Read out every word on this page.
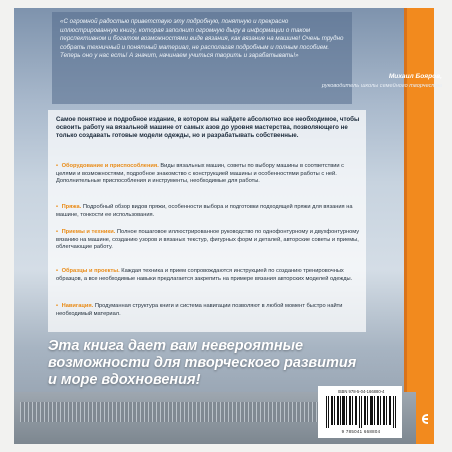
«С огромной радостью приветствую эту подробную, понятную и прекрасно иллюстрированную книгу, которая заполнит огромную дыру в информации о таком перспективном и богатом возможностями виде вязания, как вязание на машине! Очень трудно собрать техничный и понятный материал, не располагая подробным и полным пособием. Теперь оно у нас есть! А значит, начинаем учиться творить и зарабатывать!»
Михаил Бояров,
руководитель школы семейного творчества
Самое понятное и подробное издание, в котором вы найдете абсолютно все необходимое, чтобы освоить работу на вязальной машине от самых азов до уровня мастерства, позволяющего не только создавать готовые модели одежды, но и разрабатывать собственные.
• Оборудование и приспособления. Виды вязальных машин, советы по выбору машины в соответствии с целями и возможностями, подробное знакомство с конструкцией машины и особенностями работы с ней. Дополнительные приспособления и инструменты, необходимые для работы.
• Пряжа. Подробный обзор видов пряжи, особенности выбора и подготовки подходящей пряжи для вязания на машине, тонкости ее использования.
• Приемы и техники. Полное пошаговое иллюстрированное руководство по однофонтурному и двухфонтурному вязанию на машине, созданию узоров и вязаных текстур, фигурных форм и деталей, авторские советы и приемы, облегчающие работу.
• Образцы и проекты. Каждая техника и прием сопровождаются инструкцией по созданию тренировочных образцов, а все необходимые навыки предлагается закрепить на примере вязания авторских моделей одежды.
• Навигация. Продуманная структура книги и система навигации позволяют в любой момент быстро найти необходимый материал.
Эта книга дает вам невероятные возможности для творческого развития и море вдохновения!
ISBN 978-5-04-166880-4
9 785041 668804
